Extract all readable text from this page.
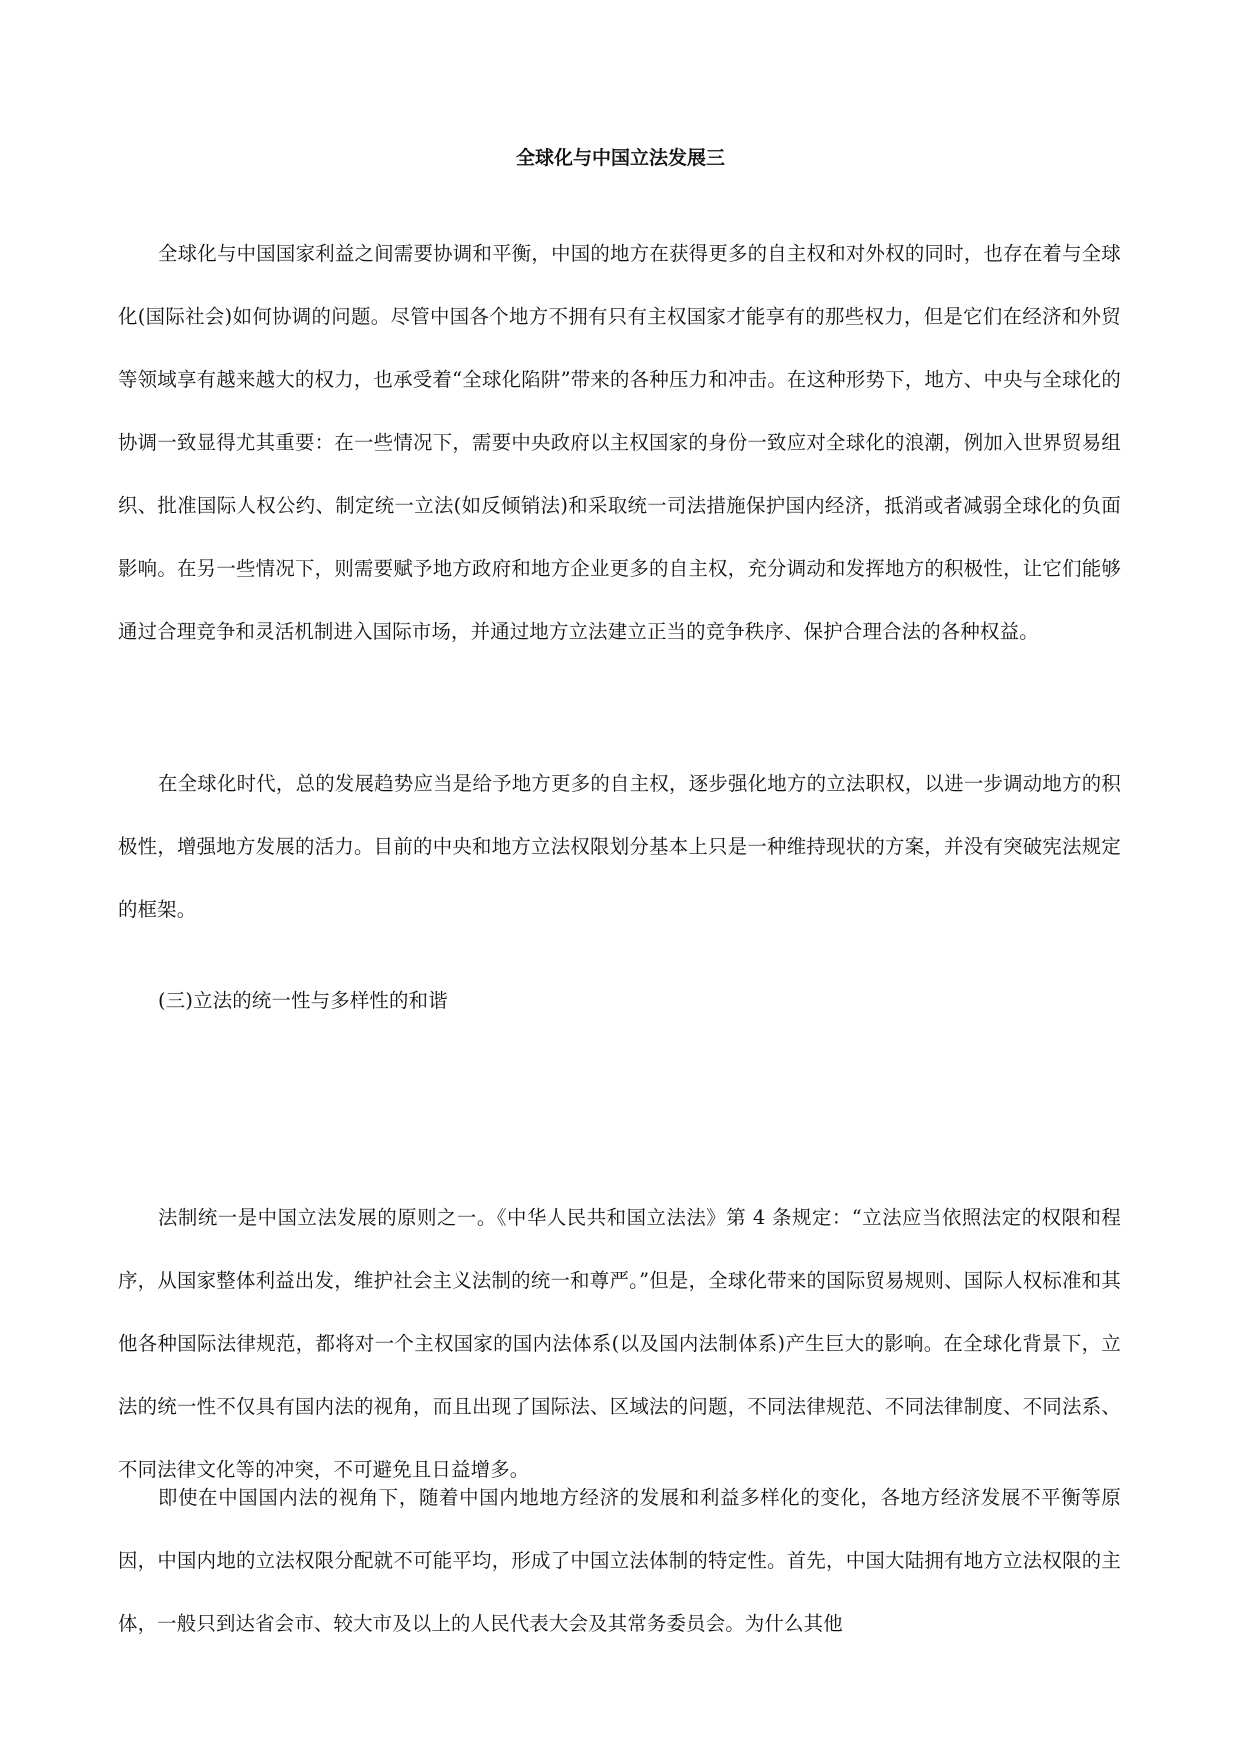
全球化与中国立法发展三

全球化与中国国家利益之间需要协调和平衡，中国的地方在获得更多的自主权和对外权的同时，也存在着与全球化(国际社会)如何协调的问题。尽管中国各个地方不拥有只有主权国家才能享有的那些权力，但是它们在经济和外贸等领域享有越来越大的权力，也承受着“全球化陷阱”带来的各种压力和冲击。在这种形势下，地方、中央与全球化的协调一致显得尤其重要：在一些情况下，需要中央政府以主权国家的身份一致应对全球化的浪潮，例加入世界贸易组织、批准国际人权公约、制定统一立法(如反倾销法)和采取统一司法措施保护国内经济，抵消或者减弱全球化的负面影响。在另一些情况下，则需要赋予地方政府和地方企业更多的自主权，充分调动和发挥地方的积极性，让它们能够通过合理竞争和灵活机制进入国际市场，并通过地方立法建立正当的竞争秩序、保护合理合法的各种权益。

在全球化时代，总的发展趋势应当是给予地方更多的自主权，逐步强化地方的立法职权，以进一步调动地方的积极性，增强地方发展的活力。目前的中央和地方立法权限划分基本上只是一种维持现状的方案，并没有突破宪法规定的框架。

(三)立法的统一性与多样性的和谐

法制统一是中国立法发展的原则之一。《中华人民共和国立法法》第 4 条规定：“立法应当依照法定的权限和程序，从国家整体利益出发，维护社会主义法制的统一和尊严。”但是，全球化带来的国际贸易规则、国际人权标准和其他各种国际法律规范，都将对一个主权国家的国内法体系(以及国内法制体系)产生巨大的影响。在全球化背景下，立法的统一性不仅具有国内法的视角，而且出现了国际法、区域法的问题，不同法律规范、不同法律制度、不同法系、不同法律文化等的冲突，不可避免且日益增多。

即使在中国国内法的视角下，随着中国内地地方经济的发展和利益多样化的变化，各地方经济发展不平衡等原因，中国内地的立法权限分配就不可能平均，形成了中国立法体制的特定性。首先，中国大陆拥有地方立法权限的主体，一般只到达省会市、较大市及以上的人民代表大会及其常务委员会。为什么其他
